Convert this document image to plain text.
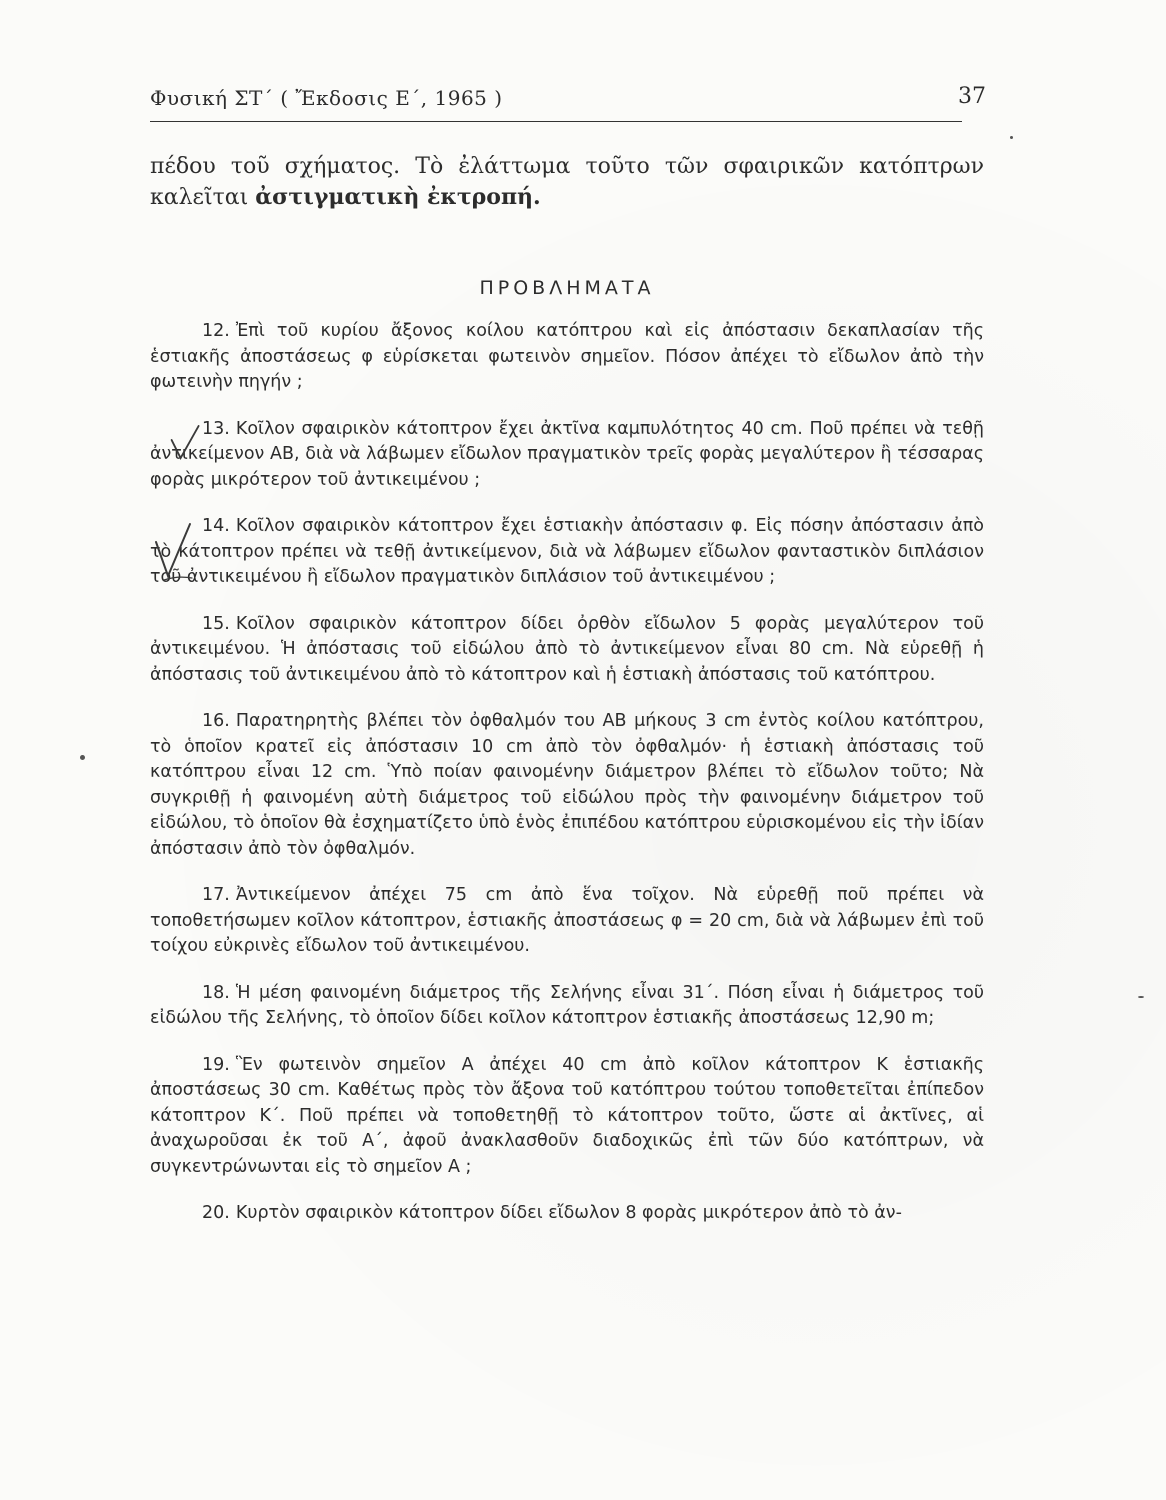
Φυσική ΣΤ΄ ( Ἔκδοσις Ε΄, 1965 )	37

πέδου τοῦ σχήματος. Τὸ ἐλάττωμα τοῦτο τῶν σφαιρικῶν κατόπτρων καλεῖται ἀστιγματικὴ ἐκτροπή.

ΠΡΟΒΛΗΜΑΤΑ

12. Ἐπὶ τοῦ κυρίου ἄξονος κοίλου κατόπτρου καὶ εἰς ἀπόστασιν δεκαπλασίαν τῆς ἑστιακῆς ἀποστάσεως φ εὑρίσκεται φωτεινὸν σημεῖον. Πόσον ἀπέχει τὸ εἴδωλον ἀπὸ τὴν φωτεινὴν πηγήν ;

13. Κοῖλον σφαιρικὸν κάτοπτρον ἔχει ἀκτῖνα καμπυλότητος 40 cm. Ποῦ πρέπει νὰ τεθῇ ἀντικείμενον ΑΒ, διὰ νὰ λάβωμεν εἴδωλον πραγματικὸν τρεῖς φορὰς μεγαλύτερον ἢ τέσσαρας φορὰς μικρότερον τοῦ ἀντικειμένου ;

14. Κοῖλον σφαιρικὸν κάτοπτρον ἔχει ἑστιακὴν ἀπόστασιν φ. Εἰς πόσην ἀπόστασιν ἀπὸ τὸ κάτοπτρον πρέπει νὰ τεθῇ ἀντικείμενον, διὰ νὰ λάβωμεν εἴδωλον φανταστικὸν διπλάσιον τοῦ ἀντικειμένου ἢ εἴδωλον πραγματικὸν διπλάσιον τοῦ ἀντικειμένου ;

15. Κοῖλον σφαιρικὸν κάτοπτρον δίδει ὀρθὸν εἴδωλον 5 φορὰς μεγαλύτερον τοῦ ἀντικειμένου. Ἡ ἀπόστασις τοῦ εἰδώλου ἀπὸ τὸ ἀντικείμενον εἶναι 80 cm. Νὰ εὑρεθῇ ἡ ἀπόστασις τοῦ ἀντικειμένου ἀπὸ τὸ κάτοπτρον καὶ ἡ ἑστιακὴ ἀπόστασις τοῦ κατόπτρου.

16. Παρατηρητὴς βλέπει τὸν ὀφθαλμόν του ΑΒ μήκους 3 cm ἐντὸς κοίλου κατόπτρου, τὸ ὁποῖον κρατεῖ εἰς ἀπόστασιν 10 cm ἀπὸ τὸν ὀφθαλμόν· ἡ ἑστιακὴ ἀπόστασις τοῦ κατόπτρου εἶναι 12 cm. Ὑπὸ ποίαν φαινομένην διάμετρον βλέπει τὸ εἴδωλον τοῦτο; Νὰ συγκριθῇ ἡ φαινομένη αὐτὴ διάμετρος τοῦ εἰδώλου πρὸς τὴν φαινομένην διάμετρον τοῦ εἰδώλου, τὸ ὁποῖον θὰ ἐσχηματίζετο ὑπὸ ἑνὸς ἐπιπέδου κατόπτρου εὑρισκομένου εἰς τὴν ἰδίαν ἀπόστασιν ἀπὸ τὸν ὀφθαλμόν.

17. Ἀντικείμενον ἀπέχει 75 cm ἀπὸ ἕνα τοῖχον. Νὰ εὑρεθῇ ποῦ πρέπει νὰ τοποθετήσωμεν κοῖλον κάτοπτρον, ἑστιακῆς ἀποστάσεως φ = 20 cm, διὰ νὰ λάβωμεν ἐπὶ τοῦ τοίχου εὐκρινὲς εἴδωλον τοῦ ἀντικειμένου.

18. Ἡ μέση φαινομένη διάμετρος τῆς Σελήνης εἶναι 31΄. Πόση εἶναι ἡ διάμετρος τοῦ εἰδώλου τῆς Σελήνης, τὸ ὁποῖον δίδει κοῖλον κάτοπτρον ἑστιακῆς ἀποστάσεως 12,90 m;

19. Ἓν φωτεινὸν σημεῖον Α ἀπέχει 40 cm ἀπὸ κοῖλον κάτοπτρον Κ ἑστιακῆς ἀποστάσεως 30 cm. Καθέτως πρὸς τὸν ἄξονα τοῦ κατόπτρου τούτου τοποθετεῖται ἐπίπεδον κάτοπτρον Κ΄. Ποῦ πρέπει νὰ τοποθετηθῇ τὸ κάτοπτρον τοῦτο, ὥστε αἱ ἀκτῖνες, αἱ ἀναχωροῦσαι ἐκ τοῦ Α΄, ἀφοῦ ἀνακλασθοῦν διαδοχικῶς ἐπὶ τῶν δύο κατόπτρων, νὰ συγκεντρώνωνται εἰς τὸ σημεῖον Α ;

20. Κυρτὸν σφαιρικὸν κάτοπτρον δίδει εἴδωλον 8 φορὰς μικρότερον ἀπὸ τὸ ἀν-
